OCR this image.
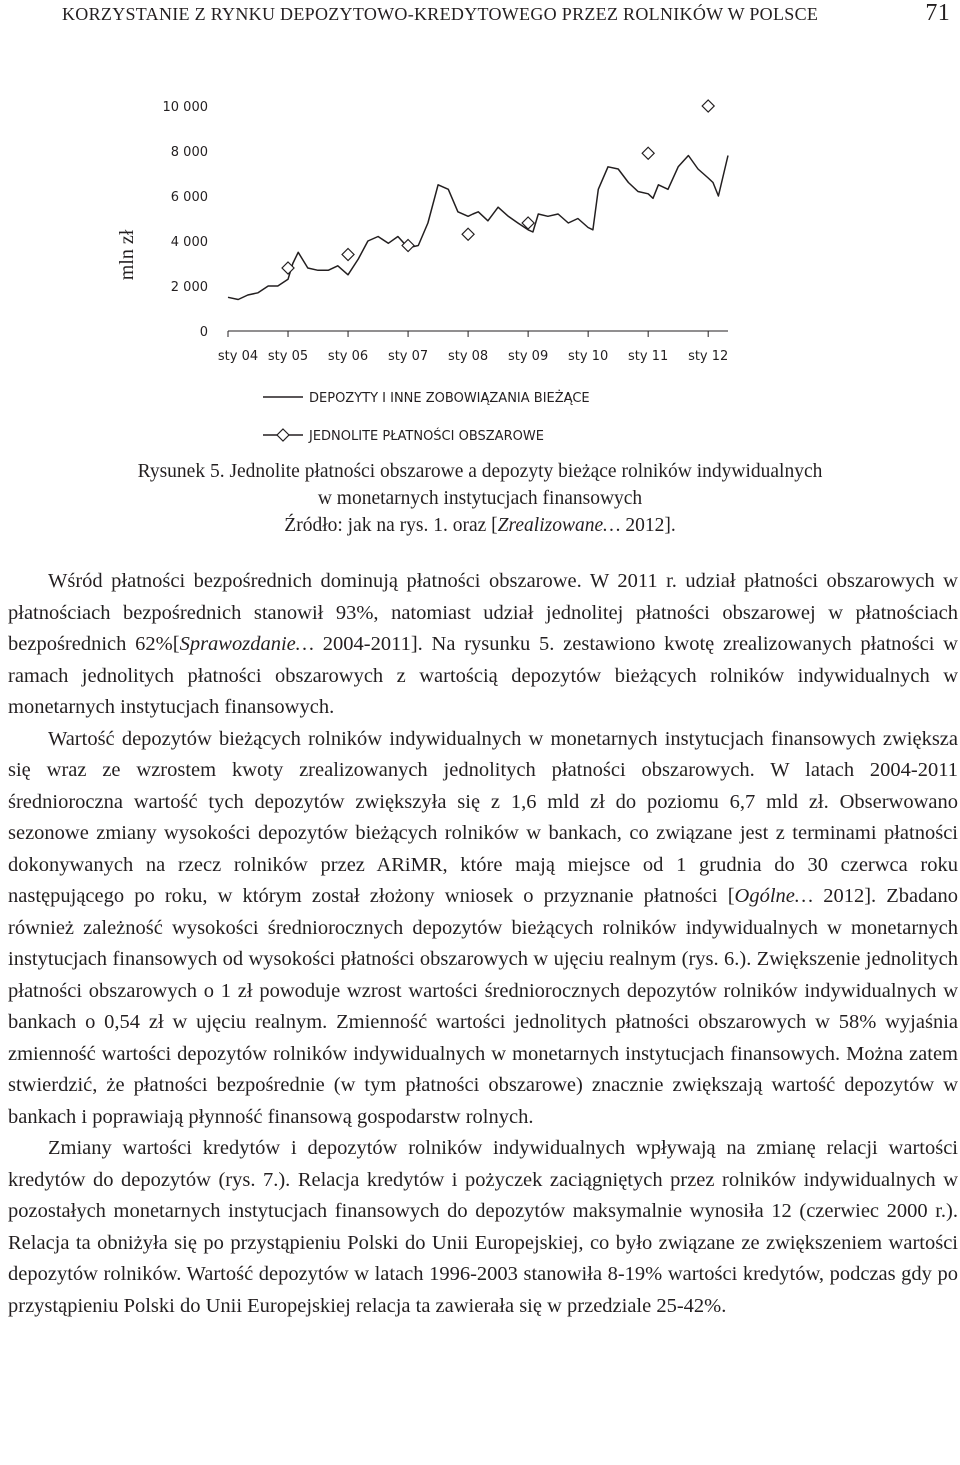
KORZYSTANIE Z RYNKU DEPOZYTOWO-KREDYTOWEGO PRZEZ ROLNIKÓW W POLSCE	71
mln zł
0
2 000
4 000
6 000
8 000
10 000
sty 04 sty 05 sty 06 sty 07 sty 08 sty 09 sty 10 sty 11 sty 12
DEPOZYTY I INNE ZOBOWIĄZANIA BIEŻĄCE
JEDNOLITE PŁATNOŚCI OBSZAROWE
Rysunek 5. Jednolite płatności obszarowe a depozyty bieżące rolników indywidualnych
w monetarnych instytucjach finansowych
Źródło: jak na rys. 1. oraz [Zrealizowane… 2012].

Wśród płatności bezpośrednich dominują płatności obszarowe. W 2011 r. udział płatności obszarowych w płatnościach bezpośrednich stanowił 93%, natomiast udział jednolitej płatności obszarowej w płatnościach bezpośrednich 62%[Sprawozdanie… 2004-2011]. Na rysunku 5. zestawiono kwotę zrealizowanych płatności w ramach jednolitych płatności obszarowych z wartością depozytów bieżących rolników indywidualnych w monetarnych instytucjach finansowych.

Wartość depozytów bieżących rolników indywidualnych w monetarnych instytucjach finansowych zwiększa się wraz ze wzrostem kwoty zrealizowanych jednolitych płatności obszarowych. W latach 2004-2011 średnioroczna wartość tych depozytów zwiększyła się z 1,6 mld zł do poziomu 6,7 mld zł. Obserwowano sezonowe zmiany wysokości depozytów bieżących rolników w bankach, co związane jest z terminami płatności dokonywanych na rzecz rolników przez ARiMR, które mają miejsce od 1 grudnia do 30 czerwca roku następującego po roku, w którym został złożony wniosek o przyznanie płatności [Ogólne… 2012]. Zbadano również zależność wysokości średniorocznych depozytów bieżących rolników indywidualnych w monetarnych instytucjach finansowych od wysokości płatności obszarowych w ujęciu realnym (rys. 6.). Zwiększenie jednolitych płatności obszarowych o 1 zł powoduje wzrost wartości średniorocznych depozytów rolników indywidualnych w bankach o 0,54 zł w ujęciu realnym. Zmienność wartości jednolitych płatności obszarowych w 58% wyjaśnia zmienność wartości depozytów rolników indywidualnych w monetarnych instytucjach finansowych. Można zatem stwierdzić, że płatności bezpośrednie (w tym płatności obszarowe) znacznie zwiększają wartość depozytów w bankach i poprawiają płynność finansową gospodarstw rolnych.

Zmiany wartości kredytów i depozytów rolników indywidualnych wpływają na zmianę relacji wartości kredytów do depozytów (rys. 7.). Relacja kredytów i pożyczek zaciągniętych przez rolników indywidualnych w pozostałych monetarnych instytucjach finansowych do depozytów maksymalnie wynosiła 12 (czerwiec 2000 r.). Relacja ta obniżyła się po przystąpieniu Polski do Unii Europejskiej, co było związane ze zwiększeniem wartości depozytów rolników. Wartość depozytów w latach 1996-2003 stanowiła 8-19% wartości kredytów, podczas gdy po przystąpieniu Polski do Unii Europejskiej relacja ta zawierała się w przedziale 25-42%.
